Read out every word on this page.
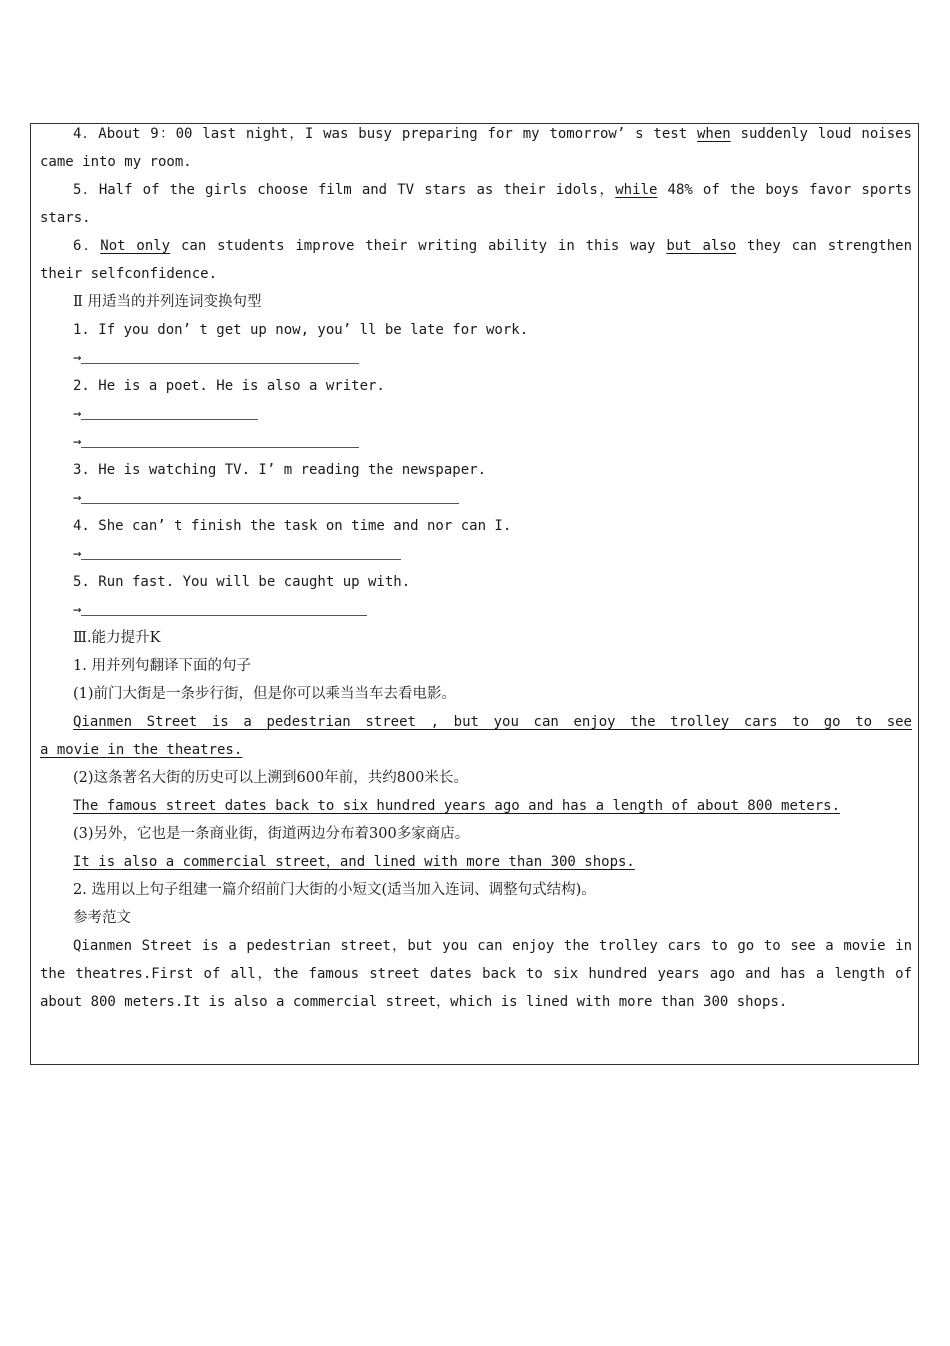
4．About 9：00 last night，I was busy preparing for my tomorrow’ s test when suddenly loud noises
came into my room.
5．Half of the girls choose film and TV stars as their idols，while 48% of the boys favor sports
stars.
6．Not only can students improve their writing ability in this way but also they can strengthen
their selfconfidence.
Ⅱ 用适当的并列连词变换句型
1. If you don’ t get up now, you’ ll be late for work.
→
2. He is a poet. He is also a writer.
→
→
3. He is watching TV. I’ m reading the newspaper.
→
4. She can’ t finish the task on time and nor can I.
→
5. Run fast. You will be caught up with.
→
Ⅲ.能力提升K
1. 用并列句翻译下面的句子
(1)前门大街是一条步行街，但是你可以乘当当车去看电影。
Qianmen Street is a pedestrian street , but you can enjoy the trolley cars to go to see
a movie in the theatres.
(2)这条著名大街的历史可以上溯到600年前，共约800米长。
The famous street dates back to six hundred years ago and has a length of about 800 meters.
(3)另外，它也是一条商业街，街道两边分布着300多家商店。
It is also a commercial street，and lined with more than 300 shops.
2. 选用以上句子组建一篇介绍前门大街的小短文(适当加入连词、调整句式结构)。
参考范文
Qianmen Street is a pedestrian street，but you can enjoy the trolley cars to go to see a movie in
the theatres.First of all，the famous street dates back to six hundred years ago and has a length of
about 800 meters.It is also a commercial street，which is lined with more than 300 shops.
